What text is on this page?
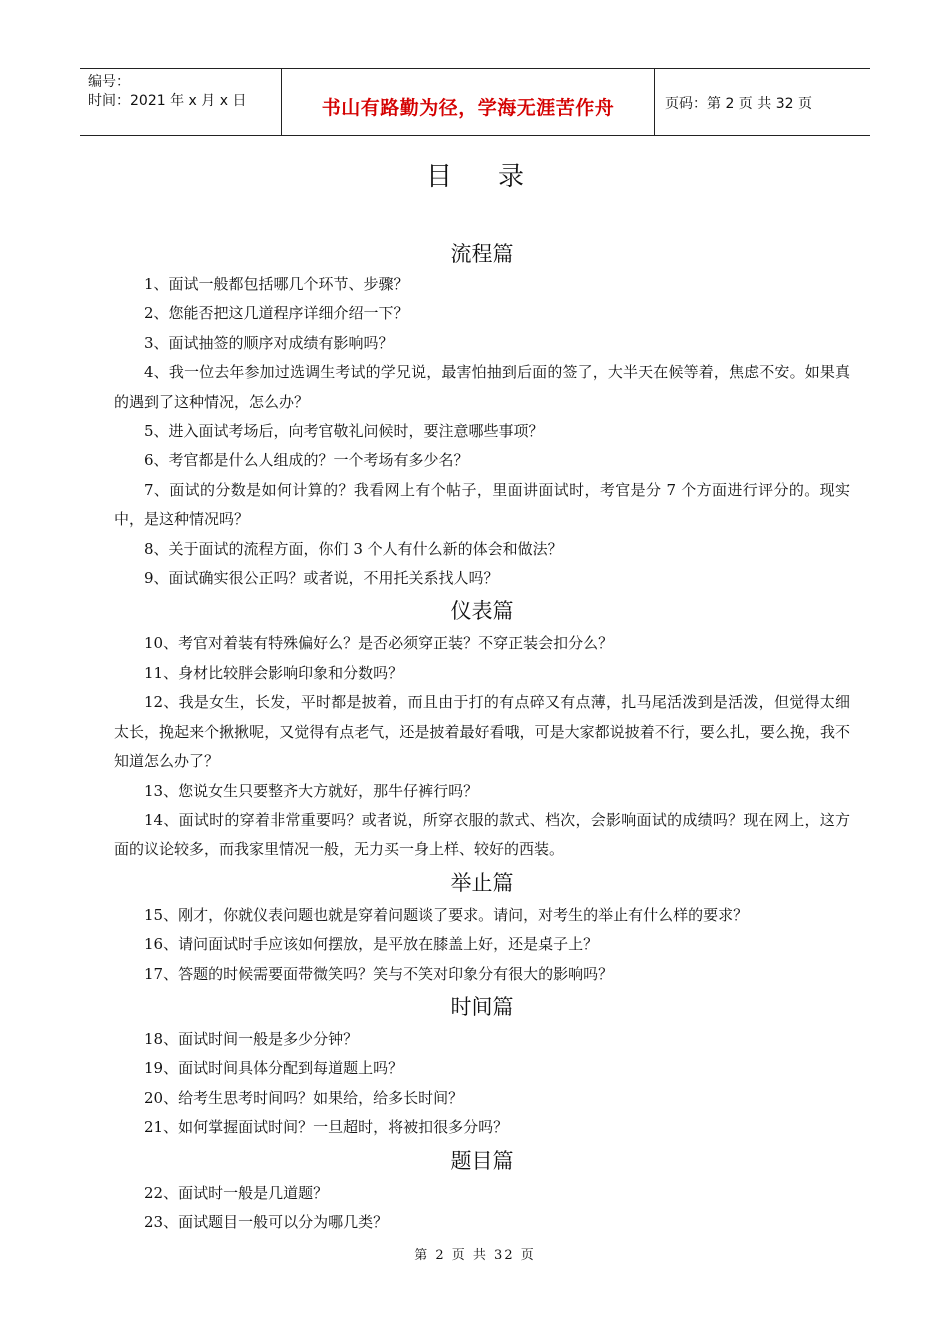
编号：
时间：2021 年 x 月 x 日	书山有路勤为径，学海无涯苦作舟	页码：第 2 页 共 32 页
目录
流程篇
1、面试一般都包括哪几个环节、步骤？
2、您能否把这几道程序详细介绍一下？
3、面试抽签的顺序对成绩有影响吗？
4、我一位去年参加过选调生考试的学兄说，最害怕抽到后面的签了，大半天在候等着，焦虑不安。如果真的遇到了这种情况，怎么办？
5、进入面试考场后，向考官敬礼问候时，要注意哪些事项？
6、考官都是什么人组成的？一个考场有多少名？
7、面试的分数是如何计算的？我看网上有个帖子，里面讲面试时，考官是分 7 个方面进行评分的。现实中，是这种情况吗？
8、关于面试的流程方面，你们 3 个人有什么新的体会和做法？
9、面试确实很公正吗？或者说，不用托关系找人吗？
仪表篇
10、考官对着装有特殊偏好么？是否必须穿正装？不穿正装会扣分么？
11、身材比较胖会影响印象和分数吗？
12、我是女生，长发，平时都是披着，而且由于打的有点碎又有点薄，扎马尾活泼到是活泼，但觉得太细太长，挽起来个揪揪呢，又觉得有点老气，还是披着最好看哦，可是大家都说披着不行，要么扎，要么挽，我不知道怎么办了？
13、您说女生只要整齐大方就好，那牛仔裤行吗？
14、面试时的穿着非常重要吗？或者说，所穿衣服的款式、档次，会影响面试的成绩吗？现在网上，这方面的议论较多，而我家里情况一般，无力买一身上样、较好的西装。
举止篇
15、刚才，你就仪表问题也就是穿着问题谈了要求。请问，对考生的举止有什么样的要求？
16、请问面试时手应该如何摆放，是平放在膝盖上好，还是桌子上？
17、答题的时候需要面带微笑吗？笑与不笑对印象分有很大的影响吗？
时间篇
18、面试时间一般是多少分钟？
19、面试时间具体分配到每道题上吗？
20、给考生思考时间吗？如果给，给多长时间？
21、如何掌握面试时间？一旦超时，将被扣很多分吗？
题目篇
22、面试时一般是几道题？
23、面试题目一般可以分为哪几类？
第 2 页 共 32 页
